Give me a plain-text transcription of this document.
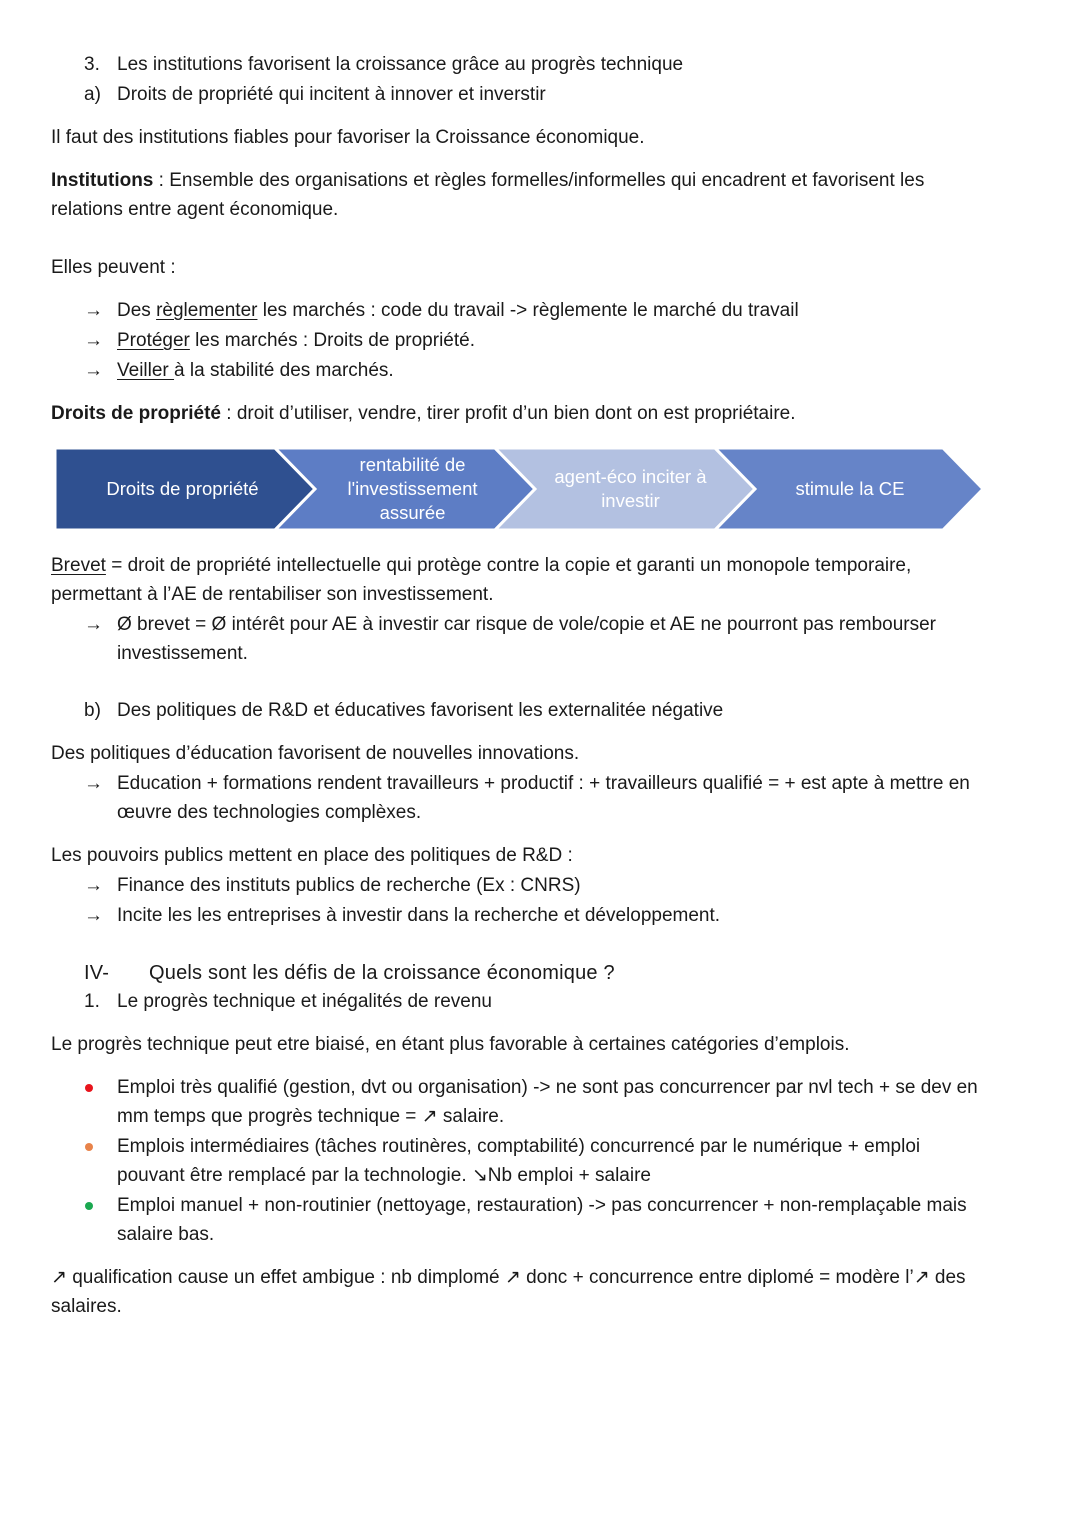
3. Les institutions favorisent la croissance grâce au progrès technique
a) Droits de propriété qui incitent à innover et inverstir
Il faut des institutions fiables pour favoriser la Croissance économique.
Institutions : Ensemble des organisations et règles formelles/informelles qui encadrent et favorisent les
relations entre agent économique.
Elles peuvent :
→ Des règlementer les marchés : code du travail -> règlemente le marché du travail
→ Protéger les marchés : Droits de propriété.
→ Veiller à la stabilité des marchés.
Droits de propriété : droit d’utiliser, vendre, tirer profit d’un bien dont on est propriétaire.
Droits de propriété
rentabilité de l'investissement assurée
agent-éco inciter à investir
stimule la CE
Brevet = droit de propriété intellectuelle qui protège contre la copie et garanti un monopole temporaire,
permettant à l’AE de rentabiliser son investissement.
→ Ø brevet = Ø intérêt pour AE à investir car risque de vole/copie et AE ne pourront pas rembourser
investissement.
b) Des politiques de R&D et éducatives favorisent les externalitée négative
Des politiques d’éducation favorisent de nouvelles innovations.
→ Education + formations rendent travailleurs + productif : + travailleurs qualifié = + est apte à mettre en
œuvre des technologies complèxes.
Les pouvoirs publics mettent en place des politiques de R&D :
→ Finance des instituts publics de recherche (Ex : CNRS)
→ Incite les les entreprises à investir dans la recherche et développement.
IV- Quels sont les défis de la croissance économique ?
1. Le progrès technique et inégalités de revenu
Le progrès technique peut etre biaisé, en étant plus favorable à certaines catégories d’emplois.
Emploi très qualifié (gestion, dvt ou organisation) -> ne sont pas concurrencer par nvl tech + se dev en
mm temps que progrès technique = ↗ salaire.
Emplois intermédiaires (tâches routinères, comptabilité) concurrencé par le numérique + emploi
pouvant être remplacé par la technologie. ↘Nb emploi + salaire
Emploi manuel + non-routinier (nettoyage, restauration) -> pas concurrencer + non-remplaçable mais
salaire bas.
↗ qualification cause un effet ambigue : nb dimplomé ↗ donc + concurrence entre diplomé = modère l’↗ des
salaires.
